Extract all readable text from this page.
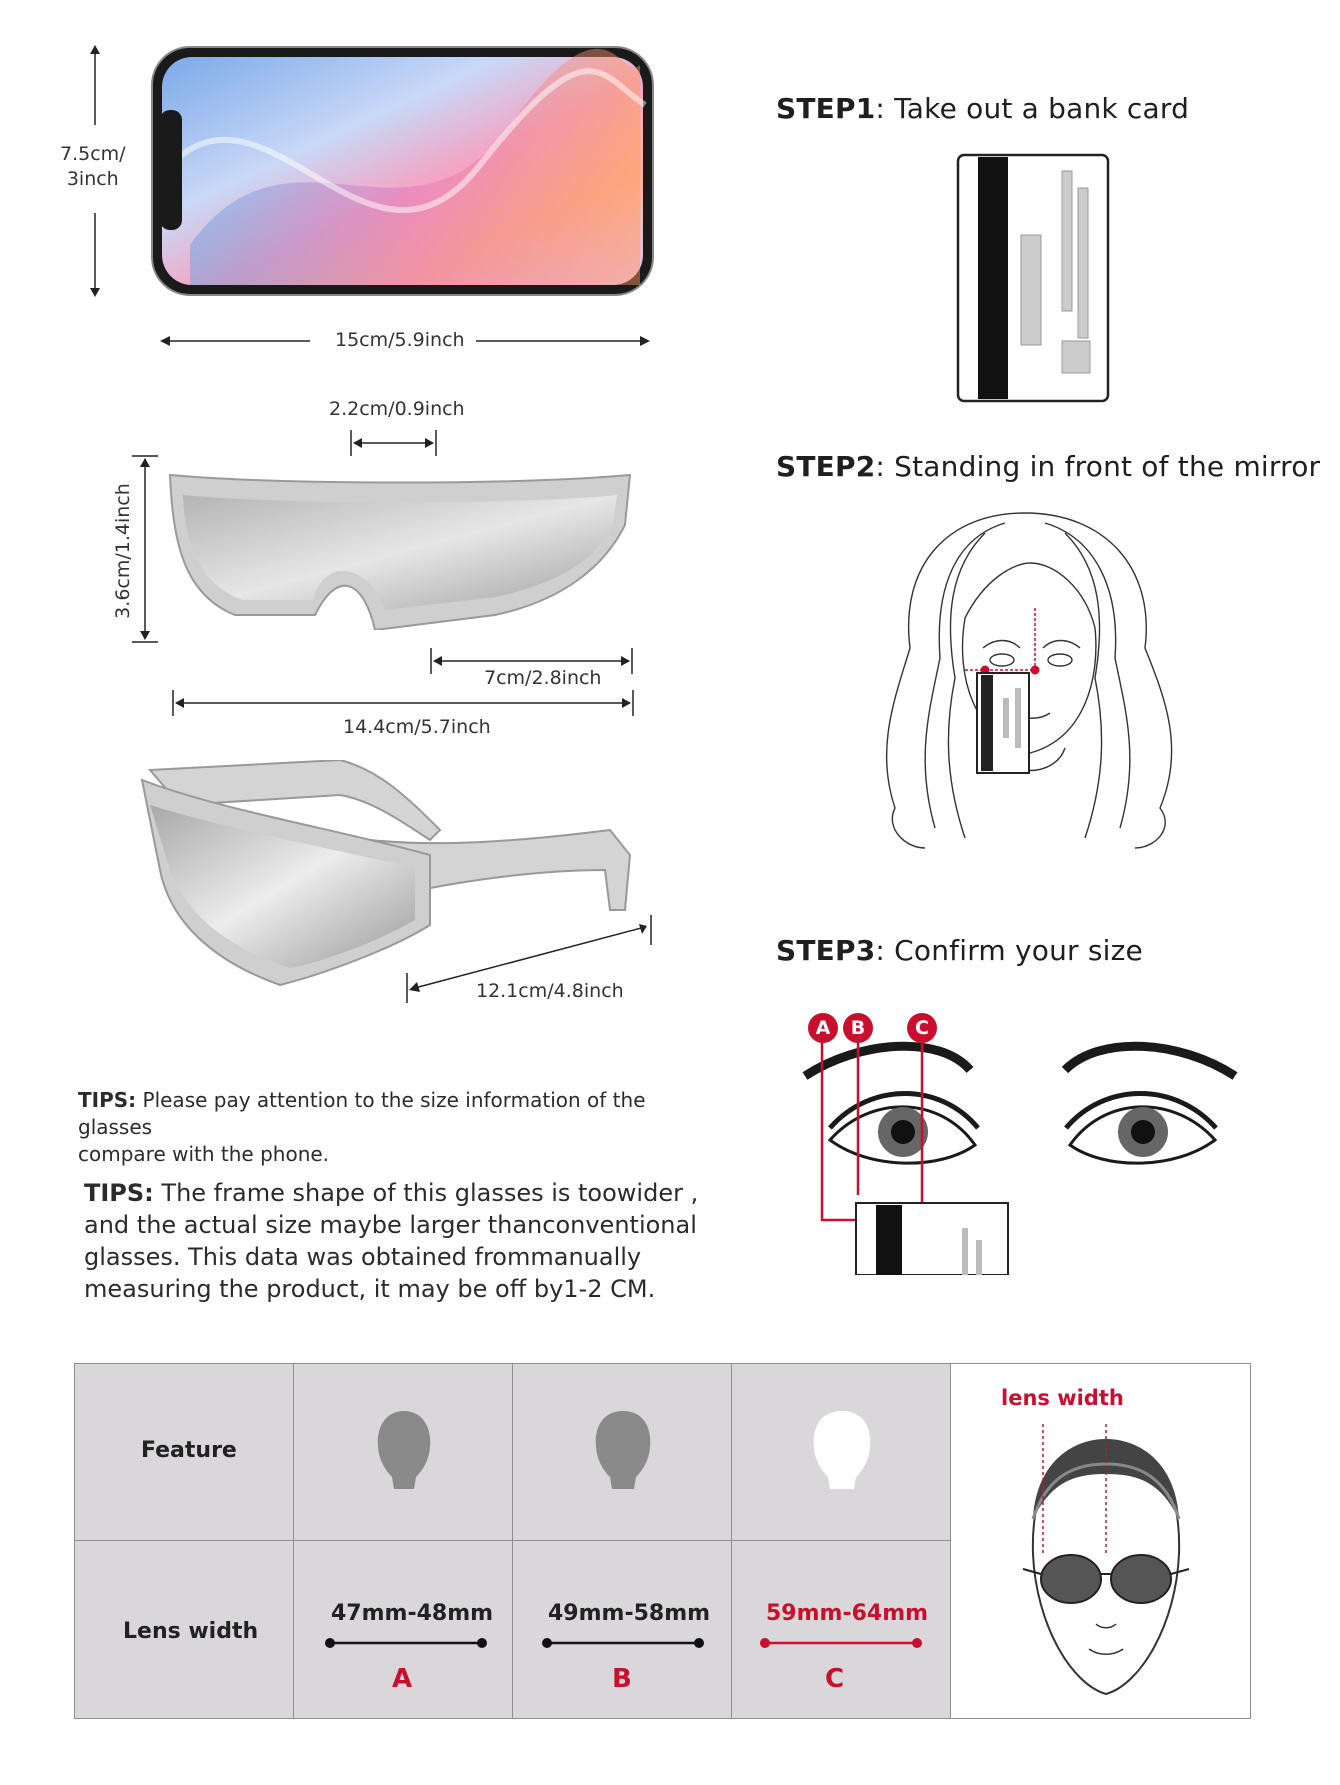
7.5cm/
3inch
15cm/5.9inch
2.2cm/0.9inch
3.6cm/1.4inch
7cm/2.8inch
14.4cm/5.7inch
12.1cm/4.8inch
TIPS: Please pay attention to the size information of the glasses
compare with the phone.
TIPS: The frame shape of this glasses is toowider , and the actual size maybe larger thanconventional glasses. This data was obtained frommanually measuring the product, it may be off by1-2 CM.
STEP1: Take out a bank card
STEP2: Standing in front of the mirror
STEP3: Confirm your size
A	B	C
Feature
Lens width
47mm-48mm
A
49mm-58mm
B
59mm-64mm
C
lens width
